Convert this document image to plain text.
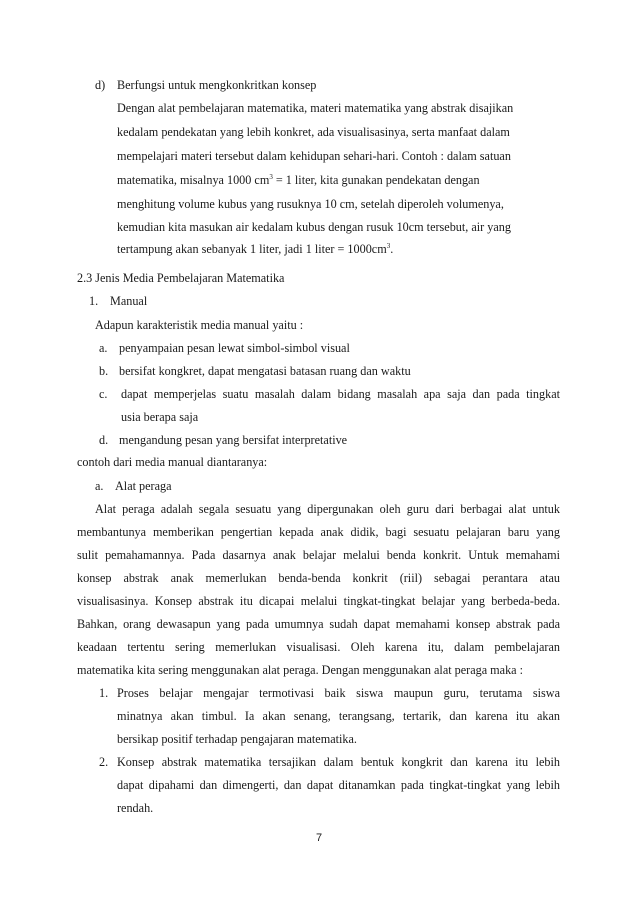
d) Berfungsi untuk mengkonkritkan konsep
Dengan alat pembelajaran matematika, materi matematika yang abstrak disajikan
kedalam pendekatan yang lebih konkret, ada visualisasinya, serta manfaat dalam
mempelajari materi tersebut dalam kehidupan sehari-hari. Contoh : dalam satuan
matematika, misalnya 1000 $cm^3 = 1$ liter, kita gunakan pendekatan dengan
menghitung volume kubus yang rusuknya 10 cm, setelah diperoleh volumenya,
kemudian kita masukan air kedalam kubus dengan rusuk 10cm tersebut, air yang
tertampung akan sebanyak 1 liter, jadi 1 liter = $1000cm^3$.
2.3 Jenis Media Pembelajaran Matematika
1. Manual
Adapun karakteristik media manual yaitu :
a. penyampaian pesan lewat simbol-simbol visual
b. bersifat kongkret, dapat mengatasi batasan ruang dan waktu
c. dapat memperjelas suatu masalah dalam bidang masalah apa saja dan pada tingkat
usia berapa saja
d. mengandung pesan yang bersifat interpretative
contoh dari media manual diantaranya:
a. Alat peraga
Alat peraga adalah segala sesuatu yang dipergunakan oleh guru dari berbagai alat untuk
membantunya memberikan pengertian kepada anak didik, bagi sesuatu pelajaran baru yang
sulit pemahamannya. Pada dasarnya anak belajar melalui benda konkrit. Untuk memahami
konsep abstrak anak memerlukan benda-benda konkrit (riil) sebagai perantara atau
visualisasinya. Konsep abstrak itu dicapai melalui tingkat-tingkat belajar yang berbeda-beda.
Bahkan, orang dewasapun yang pada umumnya sudah dapat memahami konsep abstrak pada
keadaan tertentu sering memerlukan visualisasi. Oleh karena itu, dalam pembelajaran
matematika kita sering menggunakan alat peraga. Dengan menggunakan alat peraga maka :
1. Proses belajar mengajar termotivasi baik siswa maupun guru, terutama siswa
minatnya akan timbul. Ia akan senang, terangsang, tertarik, dan karena itu akan
bersikap positif terhadap pengajaran matematika.
2. Konsep abstrak matematika tersajikan dalam bentuk kongkrit dan karena itu lebih
dapat dipahami dan dimengerti, dan dapat ditanamkan pada tingkat-tingkat yang lebih
rendah.
7
